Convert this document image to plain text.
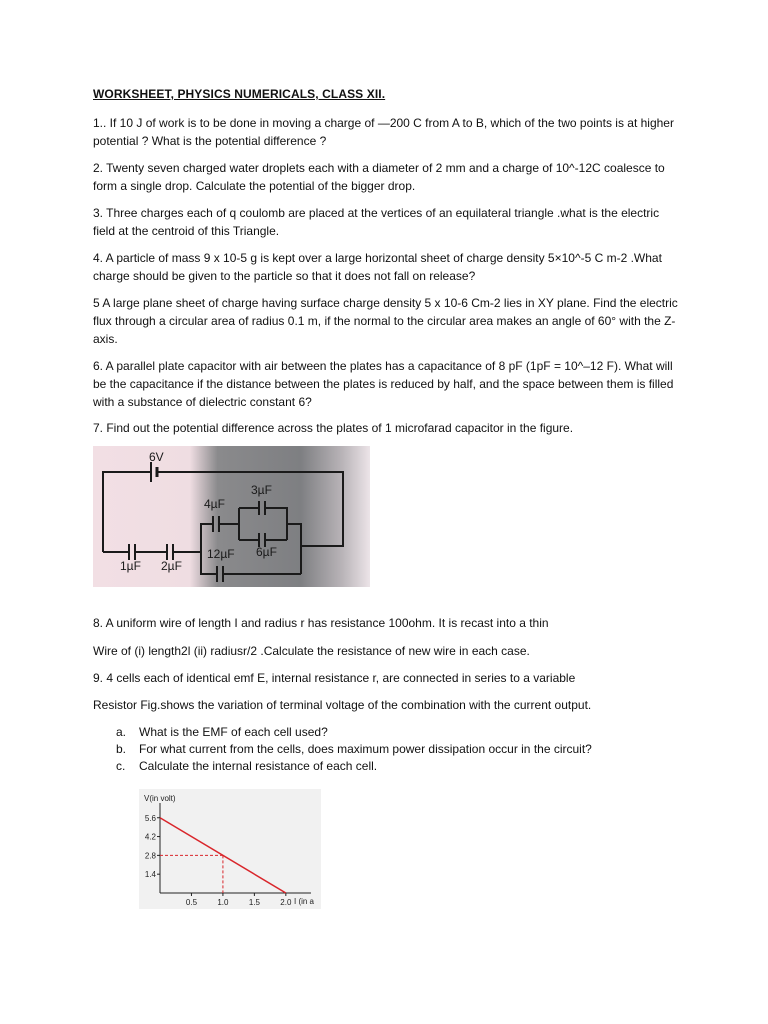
WORKSHEET, PHYSICS NUMERICALS, CLASS XII.

1.. If 10 J of work is to be done in moving a charge of —200 C from A to B, which of the two points is at higher potential ? What is the potential difference ?

2. Twenty seven charged water droplets each with a diameter of 2 mm and a charge of 10^-12C coalesce to form a single drop. Calculate the potential of the bigger drop.

3. Three charges each of q coulomb are placed at the vertices of an equilateral triangle .what is the electric field at the centroid of this Triangle.

4. A particle of mass 9 x 10-5 g is kept over a large horizontal sheet of charge density 5×10^-5 C m-2 .What charge should be given to the particle so that it does not fall on release?

5 A large plane sheet of charge having surface charge density 5 x 10-6 Cm-2 lies in XY plane. Find the electric flux through a circular area of radius 0.1 m, if the normal to the circular area makes an angle of 60° with the Z-axis.

6. A parallel plate capacitor with air between the plates has a capacitance of 8 pF (1pF = 10^–12 F). What will be the capacitance if the distance between the plates is reduced by half, and the space between them is filled with a substance of dielectric constant 6?

7. Find out the potential difference across the plates of 1 microfarad capacitor in the figure.

6V
3µF
4µF
6µF
12µF
1µF 2µF

8. A uniform wire of length I and radius r has resistance 100ohm. It is recast into a thin

Wire of (i) length2l (ii) radiusr/2 .Calculate the resistance of new wire in each case.

9. 4 cells each of identical emf E, internal resistance r, are connected in series to a variable

Resistor Fig.shows the variation of terminal voltage of the combination with the current output.

a.	What is the EMF of each cell used?
b.	For what current from the cells, does maximum power dissipation occur in the circuit?
c.	Calculate the internal resistance of each cell.
V(in volt)
0.5	1.0	1.5	2.0
5.6
4.2
2.8
1.4
I (in a
